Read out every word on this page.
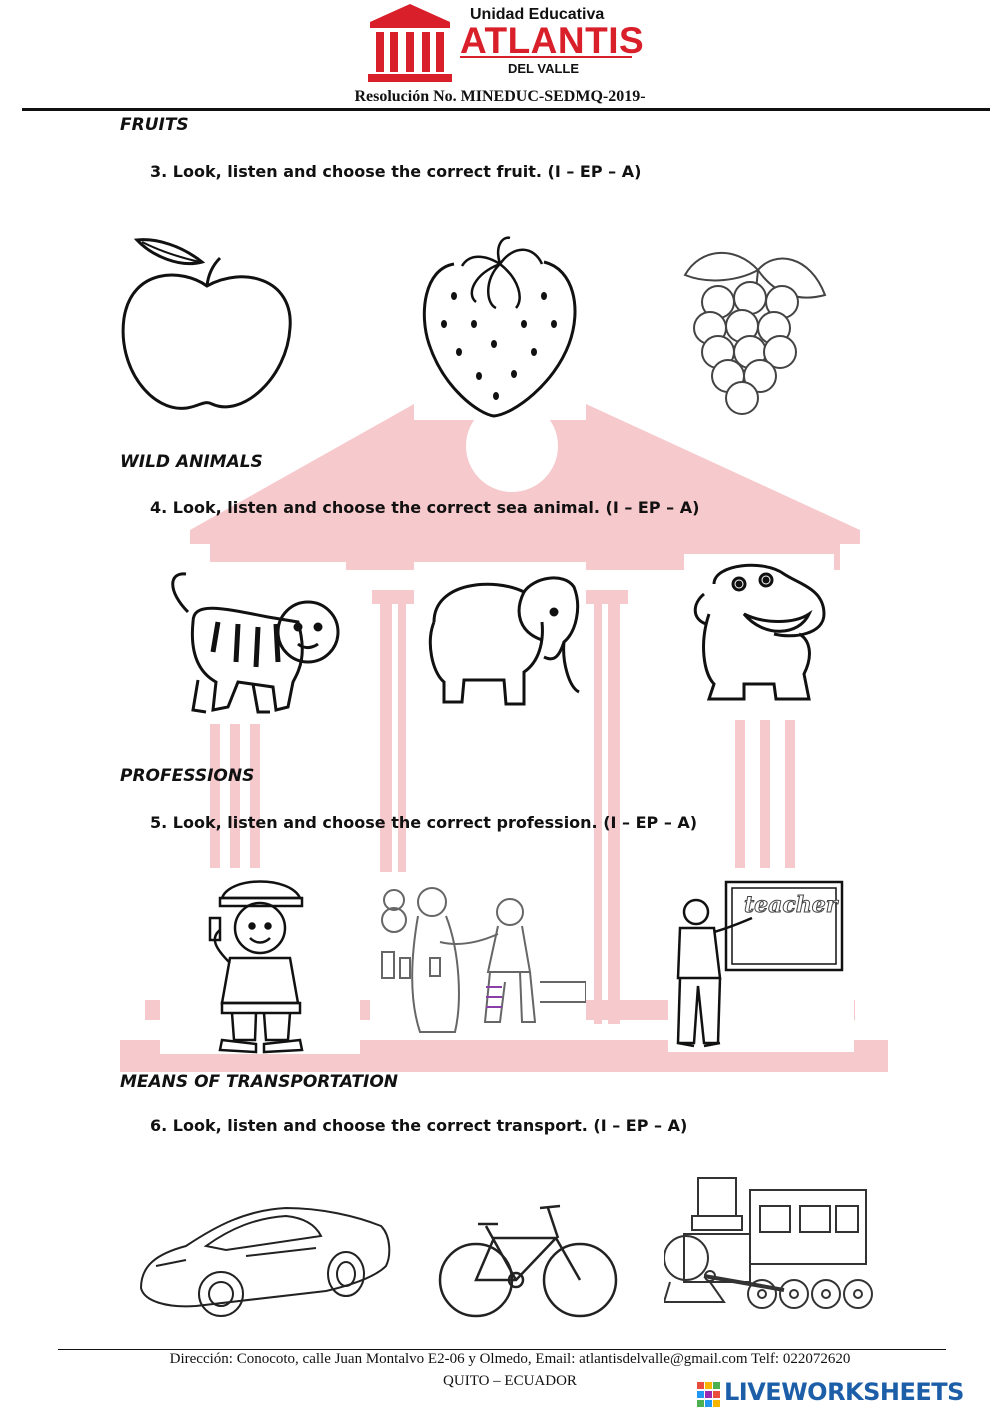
Unidad Educativa
ATLANTIS
DEL VALLE
Resolución No. MINEDUC-SEDMQ-2019-
FRUITS
3. Look, listen and choose the correct fruit. (I – EP – A)
WILD ANIMALS
4. Look, listen and choose the correct sea animal. (I – EP – A)
PROFESSIONS
5. Look, listen and choose the correct profession. (I – EP – A)
teacher
MEANS OF TRANSPORTATION
6. Look, listen and choose the correct transport. (I – EP – A)
Dirección: Conocoto, calle Juan Montalvo E2-06 y Olmedo, Email: atlantisdelvalle@gmail.com Telf: 022072620
QUITO – ECUADOR	LIVEWORKSHEETS
